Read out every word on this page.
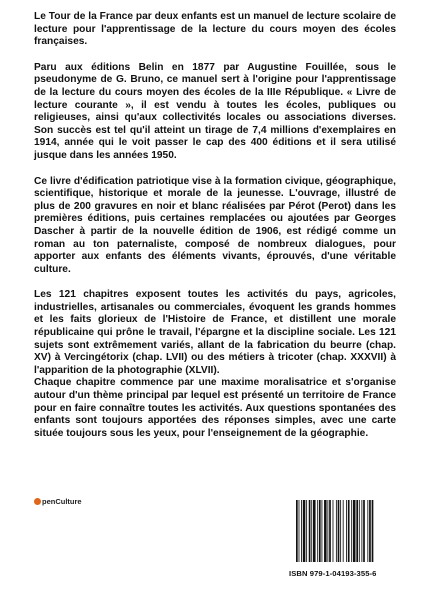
Le Tour de la France par deux enfants est un manuel de lecture scolaire de lecture pour l'apprentissage de la lecture du cours moyen des écoles françaises.

Paru aux éditions Belin en 1877 par Augustine Fouillée, sous le pseudonyme de G. Bruno, ce manuel sert à l'origine pour l'apprentissage de la lecture du cours moyen des écoles de la IIIe République. « Livre de lecture courante », il est vendu à toutes les écoles, publiques ou religieuses, ainsi qu'aux collectivités locales ou associations diverses. Son succès est tel qu'il atteint un tirage de 7,4 millions d'exemplaires en 1914, année qui le voit passer le cap des 400 éditions et il sera utilisé jusque dans les années 1950.

Ce livre d'édification patriotique vise à la formation civique, géographique, scientifique, historique et morale de la jeunesse. L'ouvrage, illustré de plus de 200 gravures en noir et blanc réalisées par Pérot (Perot) dans les premières éditions, puis certaines remplacées ou ajoutées par Georges Dascher à partir de la nouvelle édition de 1906, est rédigé comme un roman au ton paternaliste, composé de nombreux dialogues, pour apporter aux enfants des éléments vivants, éprouvés, d'une véritable culture.

Les 121 chapitres exposent toutes les activités du pays, agricoles, industrielles, artisanales ou commerciales, évoquent les grands hommes et les faits glorieux de l'Histoire de France, et distillent une morale républicaine qui prône le travail, l'épargne et la discipline sociale. Les 121 sujets sont extrêmement variés, allant de la fabrication du beurre (chap. XV) à Vercingétorix (chap. LVII) ou des métiers à tricoter (chap. XXXVII) à l'apparition de la photographie (XLVII).

Chaque chapitre commence par une maxime moralisatrice et s'organise autour d'un thème principal par lequel est présenté un territoire de France pour en faire connaître toutes les activités. Aux questions spontanées des enfants sont toujours apportées des réponses simples, avec une carte située toujours sous les yeux, pour l'enseignement de la géographie.

penCulture
ISBN 979-1-04193-355-6
